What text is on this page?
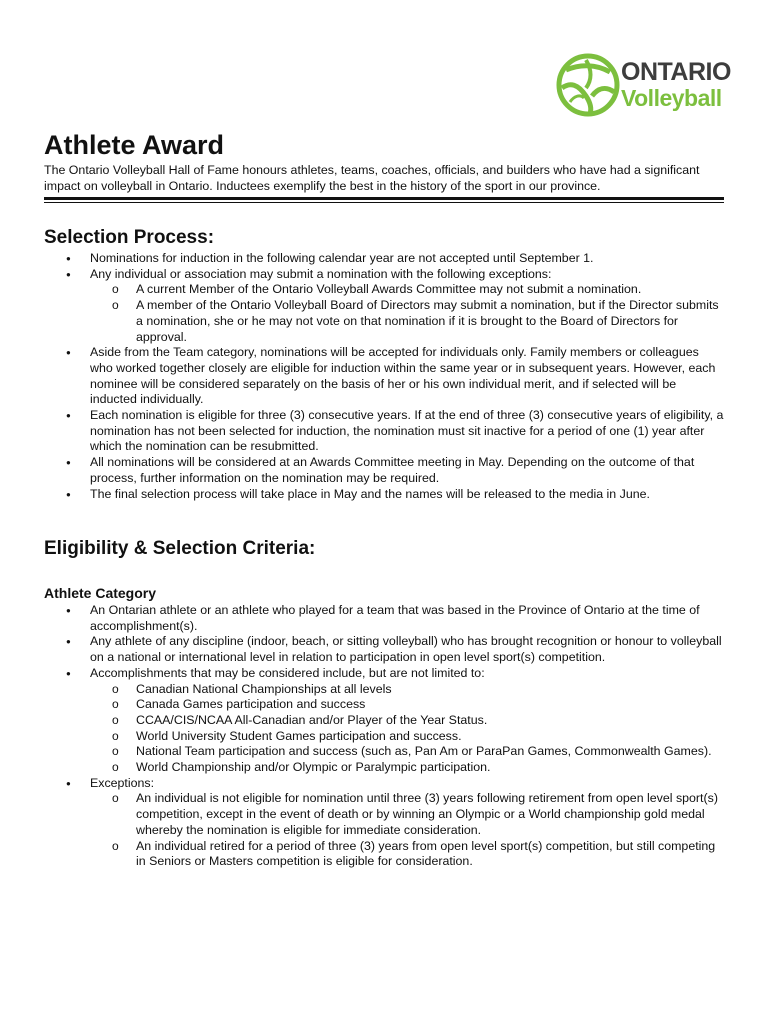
ONTARIO
Volleyball
Athlete Award

The Ontario Volleyball Hall of Fame honours athletes, teams, coaches, officials, and builders who have had a significant impact on volleyball in Ontario. Inductees exemplify the best in the history of the sport in our province.

Selection Process:
● Nominations for induction in the following calendar year are not accepted until September 1.
● Any individual or association may submit a nomination with the following exceptions:
o A current Member of the Ontario Volleyball Awards Committee may not submit a nomination.
o A member of the Ontario Volleyball Board of Directors may submit a nomination, but if the Director submits a nomination, she or he may not vote on that nomination if it is brought to the Board of Directors for approval.
● Aside from the Team category, nominations will be accepted for individuals only. Family members or colleagues who worked together closely are eligible for induction within the same year or in subsequent years. However, each nominee will be considered separately on the basis of her or his own individual merit, and if selected will be inducted individually.
● Each nomination is eligible for three (3) consecutive years. If at the end of three (3) consecutive years of eligibility, a nomination has not been selected for induction, the nomination must sit inactive for a period of one (1) year after which the nomination can be resubmitted.
● All nominations will be considered at an Awards Committee meeting in May. Depending on the outcome of that process, further information on the nomination may be required.
● The final selection process will take place in May and the names will be released to the media in June.
Eligibility & Selection Criteria:
Athlete Category
● An Ontarian athlete or an athlete who played for a team that was based in the Province of Ontario at the time of accomplishment(s).
● Any athlete of any discipline (indoor, beach, or sitting volleyball) who has brought recognition or honour to volleyball on a national or international level in relation to participation in open level sport(s) competition.
● Accomplishments that may be considered include, but are not limited to:
o Canadian National Championships at all levels
o Canada Games participation and success
o CCAA/CIS/NCAA All-Canadian and/or Player of the Year Status.
o World University Student Games participation and success.
o National Team participation and success (such as, Pan Am or ParaPan Games, Commonwealth Games).
o World Championship and/or Olympic or Paralympic participation.
● Exceptions:
o An individual is not eligible for nomination until three (3) years following retirement from open level sport(s) competition, except in the event of death or by winning an Olympic or a World championship gold medal whereby the nomination is eligible for immediate consideration.
o An individual retired for a period of three (3) years from open level sport(s) competition, but still competing in Seniors or Masters competition is eligible for consideration.
